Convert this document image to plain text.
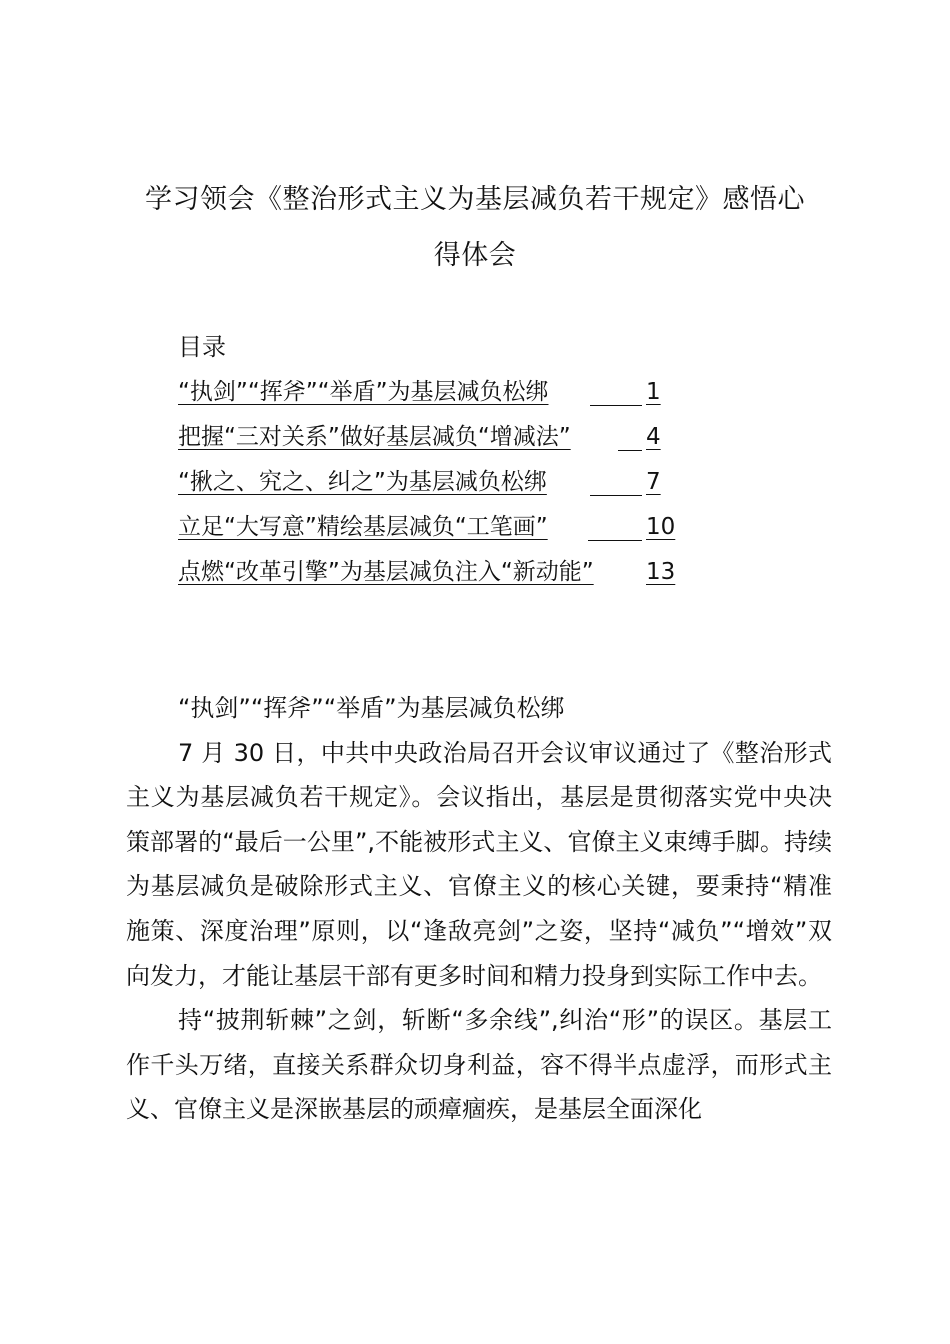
学习领会《整治形式主义为基层减负若干规定》感悟心
得体会
目录
“执剑”“挥斧”“举盾”为基层减负松绑	1
把握“三对关系”做好基层减负“增减法”	4
“揪之、究之、纠之”为基层减负松绑	7
立足“大写意”精绘基层减负“工笔画”	10
点燃“改革引擎”为基层减负注入“新动能” 13

“执剑”“挥斧”“举盾”为基层减负松绑

7 月 30 日，中共中央政治局召开会议审议通过了《整治形式主义为基层减负若干规定》。会议指出，基层是贯彻落实党中央决策部署的“最后一公里”,不能被形式主义、官僚主义束缚手脚。持续为基层减负是破除形式主义、官僚主义的核心关键，要秉持“精准施策、深度治理”原则，以“逢敌亮剑”之姿，坚持“减负”“增效”双向发力，才能让基层干部有更多时间和精力投身到实际工作中去。

持“披荆斩棘”之剑，斩断“多余线”,纠治“形”的误区。基层工作千头万绪，直接关系群众切身利益，容不得半点虚浮，而形式主义、官僚主义是深嵌基层的顽瘴痼疾，是基层全面深化
